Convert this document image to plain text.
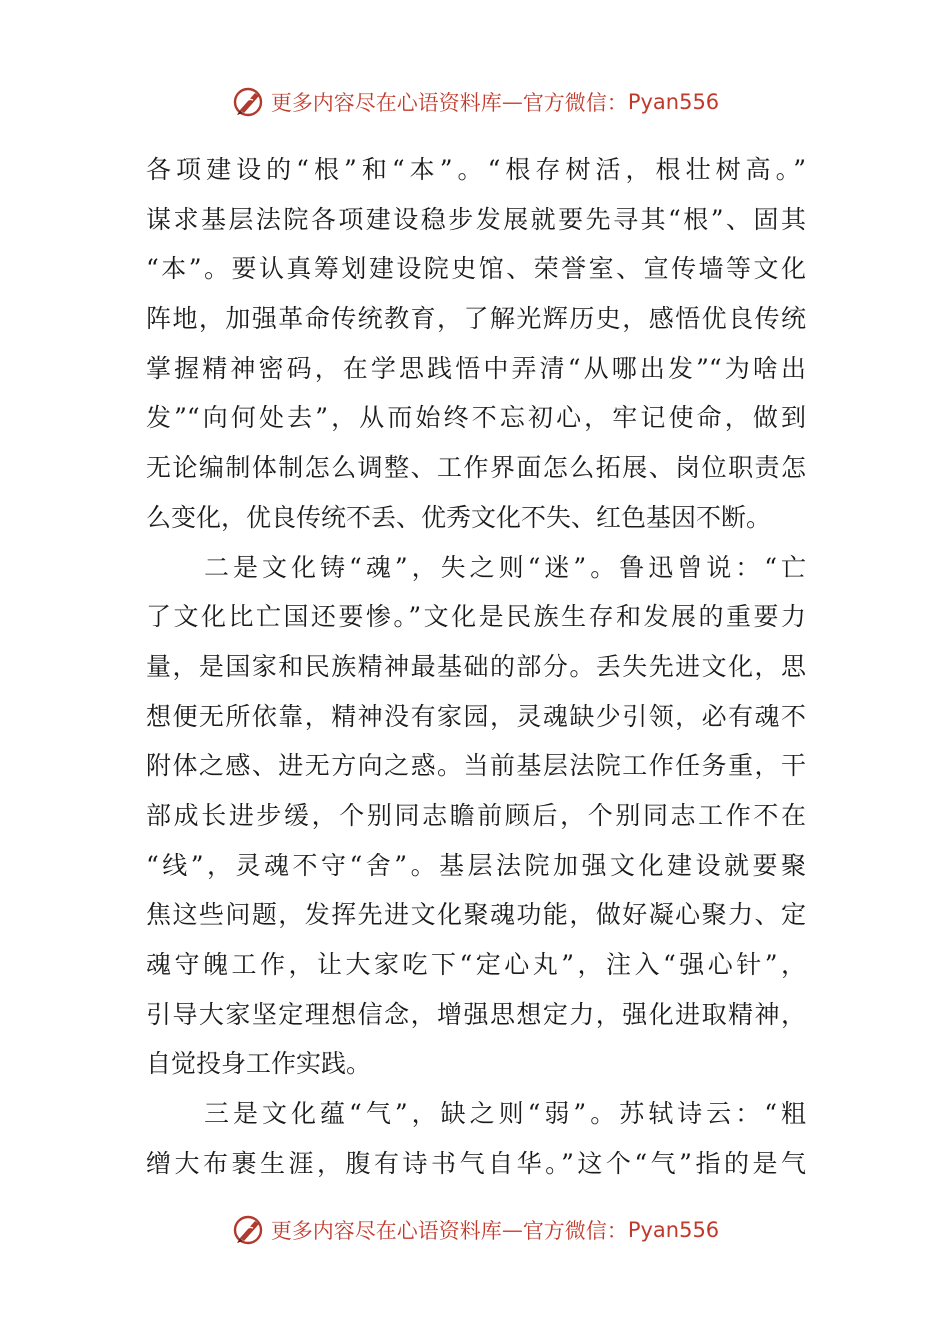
更多内容尽在心语资料库 — 官方微信： Pyan556
各项建设的“根”和“本”。“根存树活，根壮树高。”
谋求基层法院各项建设稳步发展就要先寻其“根”、固其
“本”。要认真筹划建设院史馆、荣誉室、宣传墙等文化
阵地，加强革命传统教育，了解光辉历史，感悟优良传统
掌握精神密码，在学思践悟中弄清“从哪出发”“为啥出
发”“向何处去”，从而始终不忘初心，牢记使命，做到
无论编制体制怎么调整、工作界面怎么拓展、岗位职责怎
么变化，优良传统不丢、优秀文化不失、红色基因不断。
　　二是文化铸“魂”，失之则“迷”。鲁迅曾说：“亡
了文化比亡国还要惨。”文化是民族生存和发展的重要力
量，是国家和民族精神最基础的部分。丢失先进文化，思
想便无所依靠，精神没有家园，灵魂缺少引领，必有魂不
附体之感、进无方向之惑。当前基层法院工作任务重，干
部成长进步缓，个别同志瞻前顾后，个别同志工作不在
“线”，灵魂不守“舍”。基层法院加强文化建设就要聚
焦这些问题，发挥先进文化聚魂功能，做好凝心聚力、定
魂守魄工作，让大家吃下“定心丸”，注入“强心针”，
引导大家坚定理想信念，增强思想定力，强化进取精神，
自觉投身工作实践。
　　三是文化蕴“气”，缺之则“弱”。苏轼诗云：“粗
缯大布裹生涯，腹有诗书气自华。”这个“气”指的是气
更多内容尽在心语资料库 — 官方微信： Pyan556
